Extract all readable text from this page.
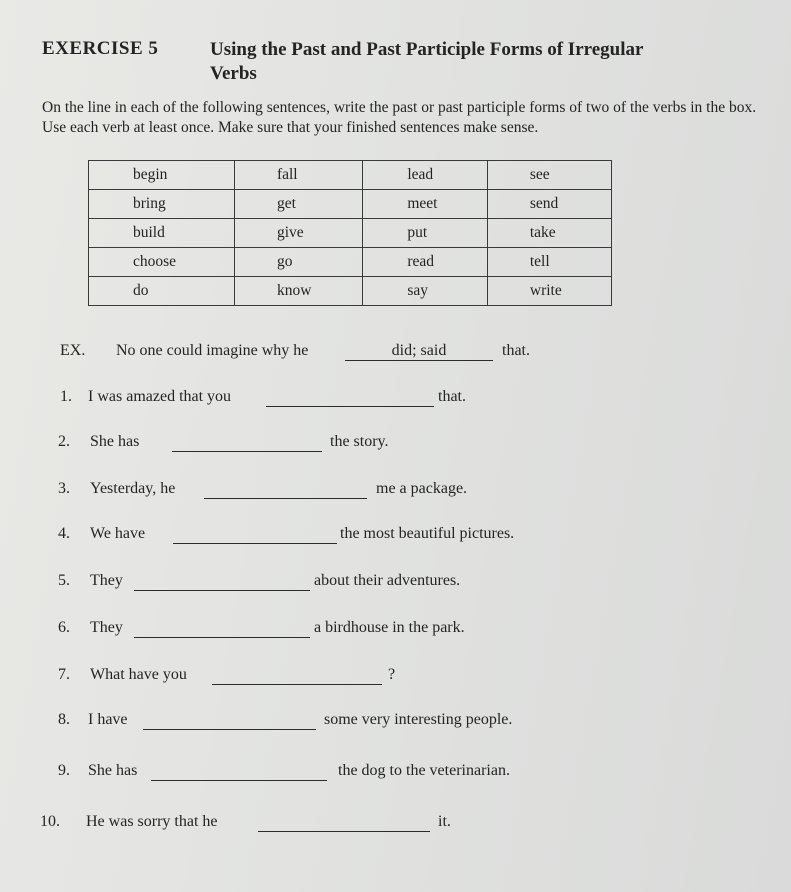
EXERCISE 5	Using the Past and Past Participle Forms of Irregular Verbs
On the line in each of the following sentences, write the past or past participle forms of two of the verbs in the box. Use each verb at least once. Make sure that your finished sentences make sense.
begin	fall	lead	see
bring	get	meet	send
build	give	put	take
choose	go	read	tell
do	know	say	write
EX. No one could imagine why he	did; said	that.
1. I was amazed that you	that.
2. She has	the story.
3. Yesterday, he	me a package.
4. We have	the most beautiful pictures.
5. They	about their adventures.
6. They	a birdhouse in the park.
7. What have you	?
8. I have	some very interesting people.
9. She has	the dog to the veterinarian.
10. He was sorry that he	it.
